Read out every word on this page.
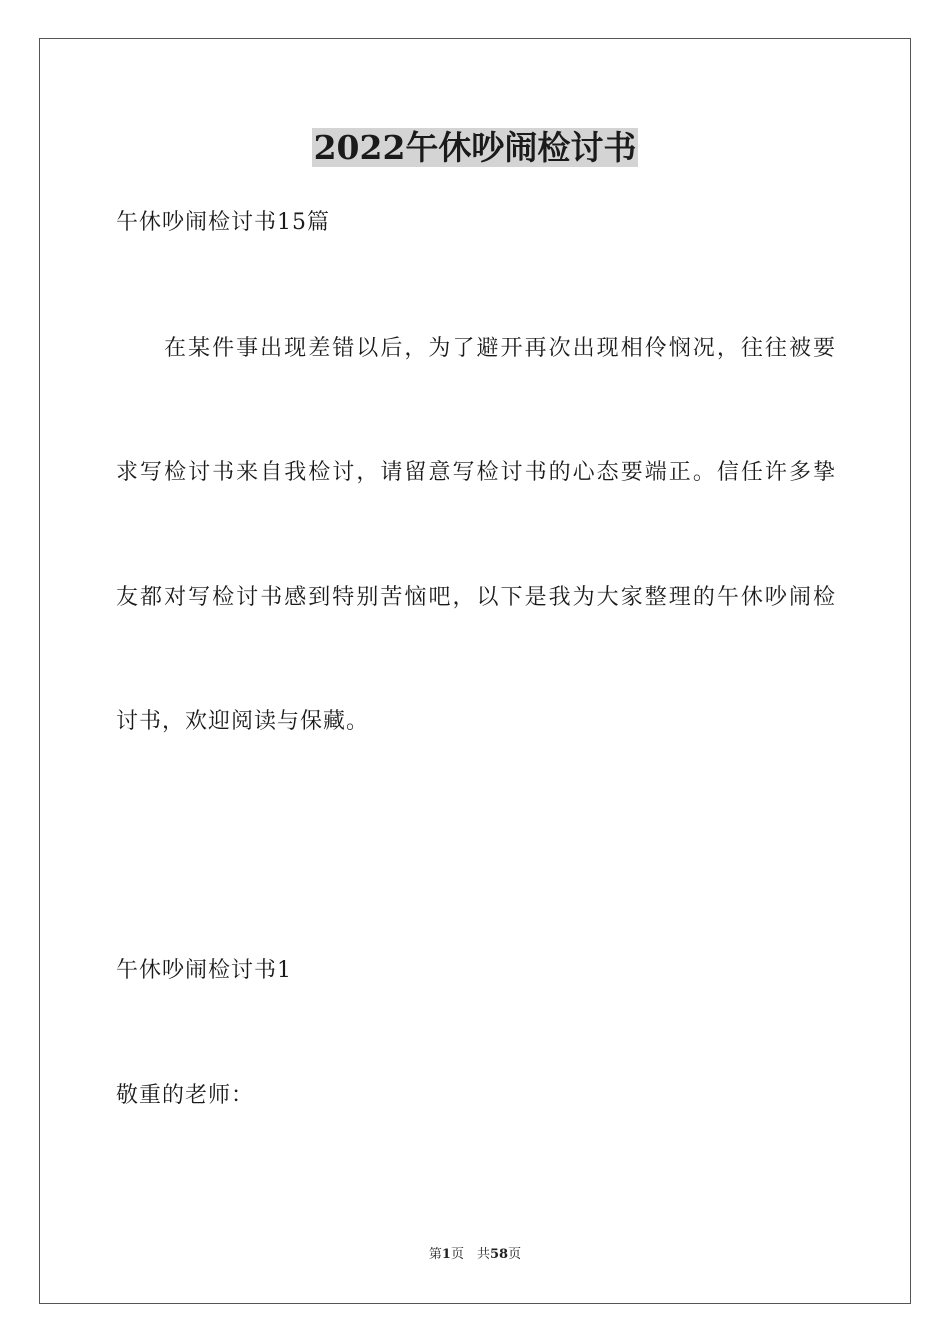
2022午休吵闹检讨书
午休吵闹检讨书15篇
在某件事出现差错以后，为了避开再次出现相伶悯况，往往被要
求写检讨书来自我检讨，请留意写检讨书的心态要端正。信任许多挚
友都对写检讨书感到特别苦恼吧，以下是我为大家整理的午休吵闹检
讨书，欢迎阅读与保藏。
午休吵闹检讨书1
敬重的老师：
第1页　共58页
